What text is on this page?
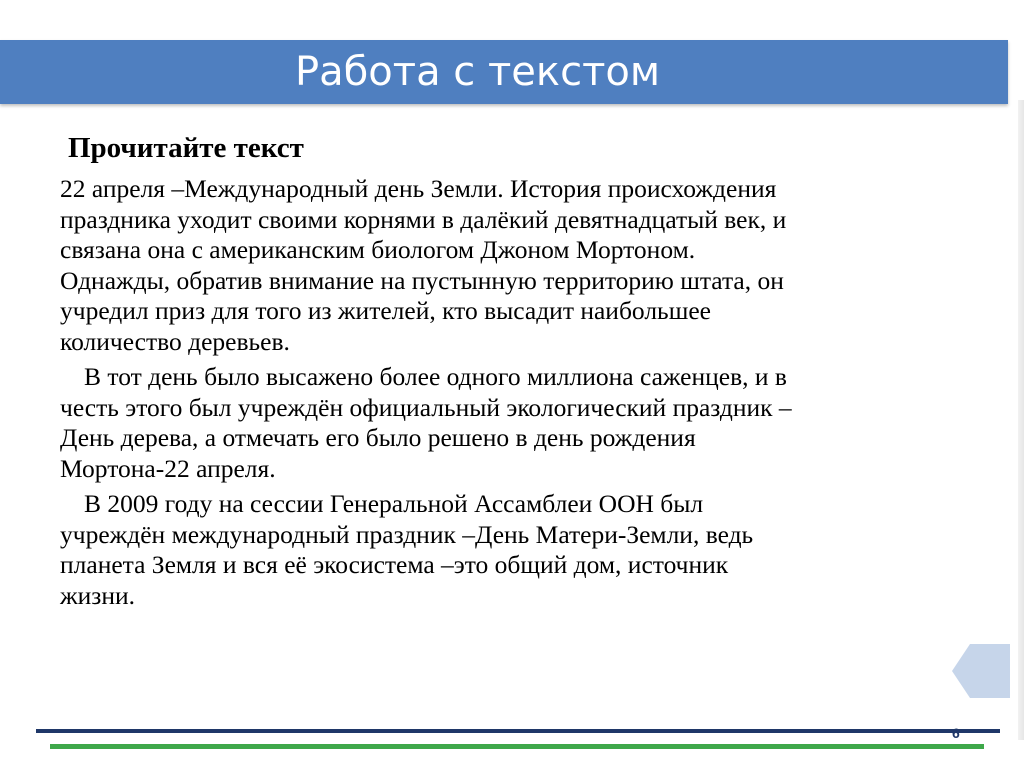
Работа с текстом
Прочитайте текст

22 апреля –Международный день Земли. История происхождения
праздника уходит своими корнями в далёкий девятнадцатый век, и
связана она с американским биологом Джоном Мортоном.
Однажды, обратив внимание на пустынную территорию штата, он
учредил приз для того из жителей, кто высадит наибольшее
количество деревьев.

В тот день было высажено более одного миллиона саженцев, и в
честь этого был учреждён официальный экологический праздник –
День дерева, а отмечать его было решено в день рождения
Мортона-22 апреля.

В 2009 году на сессии Генеральной Ассамблеи ООН был
учреждён международный праздник –День Матери-Земли, ведь
планета Земля и вся её экосистема –это общий дом, источник
жизни.

6
